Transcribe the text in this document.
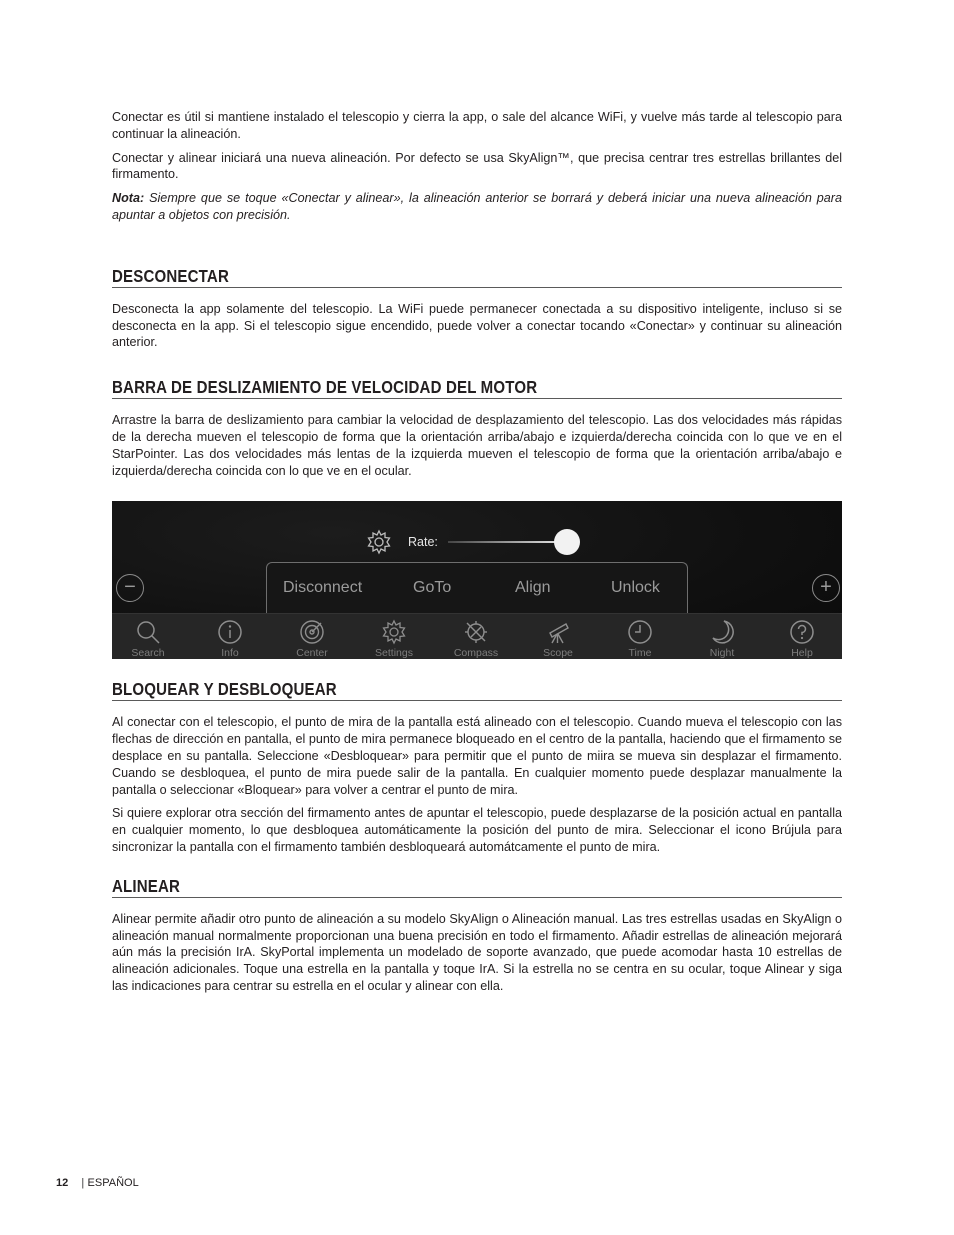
Conectar es útil si mantiene instalado el telescopio y cierra la app, o sale del alcance WiFi, y vuelve más tarde al telescopio para continuar la alineación.

Conectar y alinear iniciará una nueva alineación. Por defecto se usa SkyAlign™, que precisa centrar tres estrellas brillantes del firmamento.

Nota: Siempre que se toque «Conectar y alinear», la alineación anterior se borrará y deberá iniciar una nueva alineación para apuntar a objetos con precisión.

DESCONECTAR

Desconecta la app solamente del telescopio. La WiFi puede permanecer conectada a su dispositivo inteligente, incluso si se desconecta en la app. Si el telescopio sigue encendido, puede volver a conectar tocando «Conectar» y continuar su alineación anterior.

BARRA DE DESLIZAMIENTO DE VELOCIDAD DEL MOTOR

Arrastre la barra de deslizamiento para cambiar la velocidad de desplazamiento del telescopio. Las dos velocidades más rápidas de la derecha mueven el telescopio de forma que la orientación arriba/abajo e izquierda/derecha coincida con lo que ve en el StarPointer. Las dos velocidades más lentas de la izquierda mueven el telescopio de forma que la orientación arriba/abajo e izquierda/derecha coincida con lo que ve en el ocular.

Rate:
−	+
Disconnect	GoTo	Align	Unlock
Search	Info	Center	Settings	Compass	Scope	Time	Night	Help
BLOQUEAR Y DESBLOQUEAR

Al conectar con el telescopio, el punto de mira de la pantalla está alineado con el telescopio. Cuando mueva el telescopio con las flechas de dirección en pantalla, el punto de mira permanece bloqueado en el centro de la pantalla, haciendo que el firmamento se desplace en su pantalla. Seleccione «Desbloquear» para permitir que el punto de miira se mueva sin desplazar el firmamento. Cuando se desbloquea, el punto de mira puede salir de la pantalla. En cualquier momento puede desplazar manualmente la pantalla o seleccionar «Bloquear» para volver a centrar el punto de mira.

Si quiere explorar otra sección del firmamento antes de apuntar el telescopio, puede desplazarse de la posición actual en pantalla en cualquier momento, lo que desbloquea automáticamente la posición del punto de mira. Seleccionar el icono Brújula para sincronizar la pantalla con el firmamento también desbloqueará automátcamente el punto de mira.

ALINEAR

Alinear permite añadir otro punto de alineación a su modelo SkyAlign o Alineación manual. Las tres estrellas usadas en SkyAlign o alineación manual normalmente proporcionan una buena precisión en todo el firmamento. Añadir estrellas de alineación mejorará aún más la precisión IrA. SkyPortal implementa un modelado de soporte avanzado, que puede acomodar hasta 10 estrellas de alineación adicionales. Toque una estrella en la pantalla y toque IrA. Si la estrella no se centra en su ocular, toque Alinear y siga las indicaciones para centrar su estrella en el ocular y alinear con ella.

12 | ESPAÑOL
